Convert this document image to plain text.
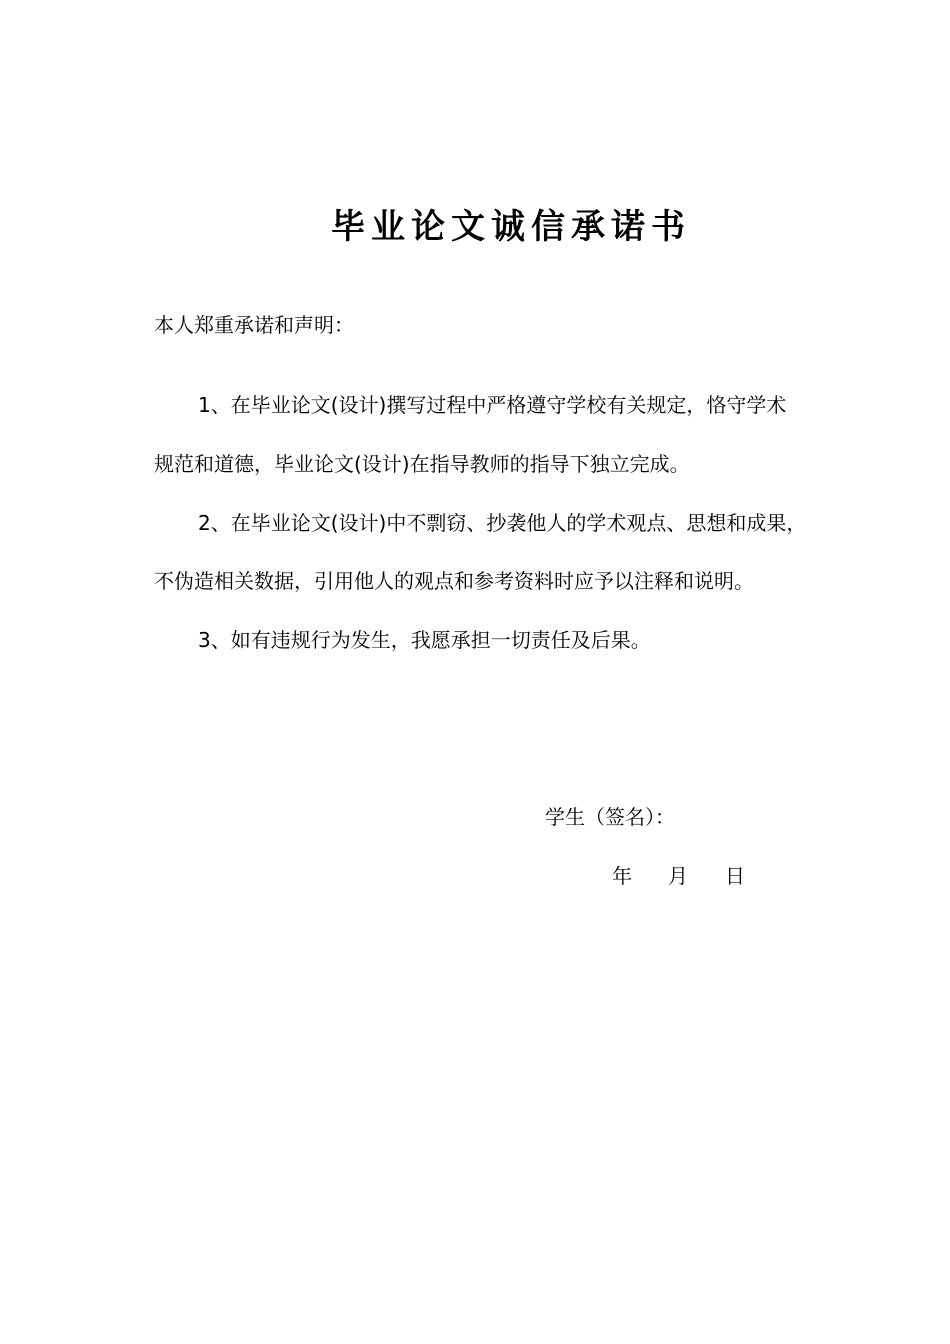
毕业论文诚信承诺书
本人郑重承诺和声明：
1、在毕业论文(设计)撰写过程中严格遵守学校有关规定，恪守学术
规范和道德，毕业论文(设计)在指导教师的指导下独立完成。
2、在毕业论文(设计)中不剽窃、抄袭他人的学术观点、思想和成果，
不伪造相关数据，引用他人的观点和参考资料时应予以注释和说明。
3、如有违规行为发生，我愿承担一切责任及后果。
学生（签名）：
年 月 日
